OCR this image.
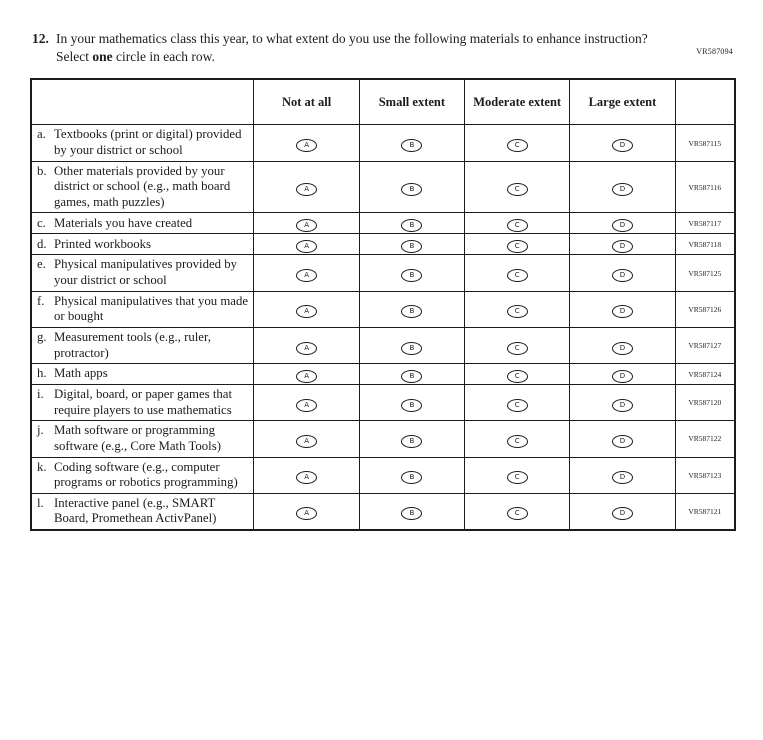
VR587094
12. In your mathematics class this year, to what extent do you use the following materials to enhance instruction? Select one circle in each row.
	Not at all	Small extent	Moderate extent	Large extent	

a. Textbooks (print or digital) provided by your district or school	A	B	C	D	VR587115

b. Other materials provided by your district or school (e.g., math board games, math puzzles)	A	B	C	D	VR587116

c. Materials you have created	A	B	C	D	VR587117

d. Printed workbooks	A	B	C	D	VR587118

e. Physical manipulatives provided by your district or school	A	B	C	D	VR587125

f. Physical manipulatives that you made or bought	A	B	C	D	VR587126

g. Measurement tools (e.g., ruler, protractor)	A	B	C	D	VR587127

h. Math apps	A	B	C	D	VR587124

i. Digital, board, or paper games that require players to use mathematics	A	B	C	D	VR587120

j. Math software or programming software (e.g., Core Math Tools)	A	B	C	D	VR587122

k. Coding software (e.g., computer programs or robotics programming)	A	B	C	D	VR587123

l. Interactive panel (e.g., SMART Board, Promethean ActivPanel)	A	B	C	D	VR587121
